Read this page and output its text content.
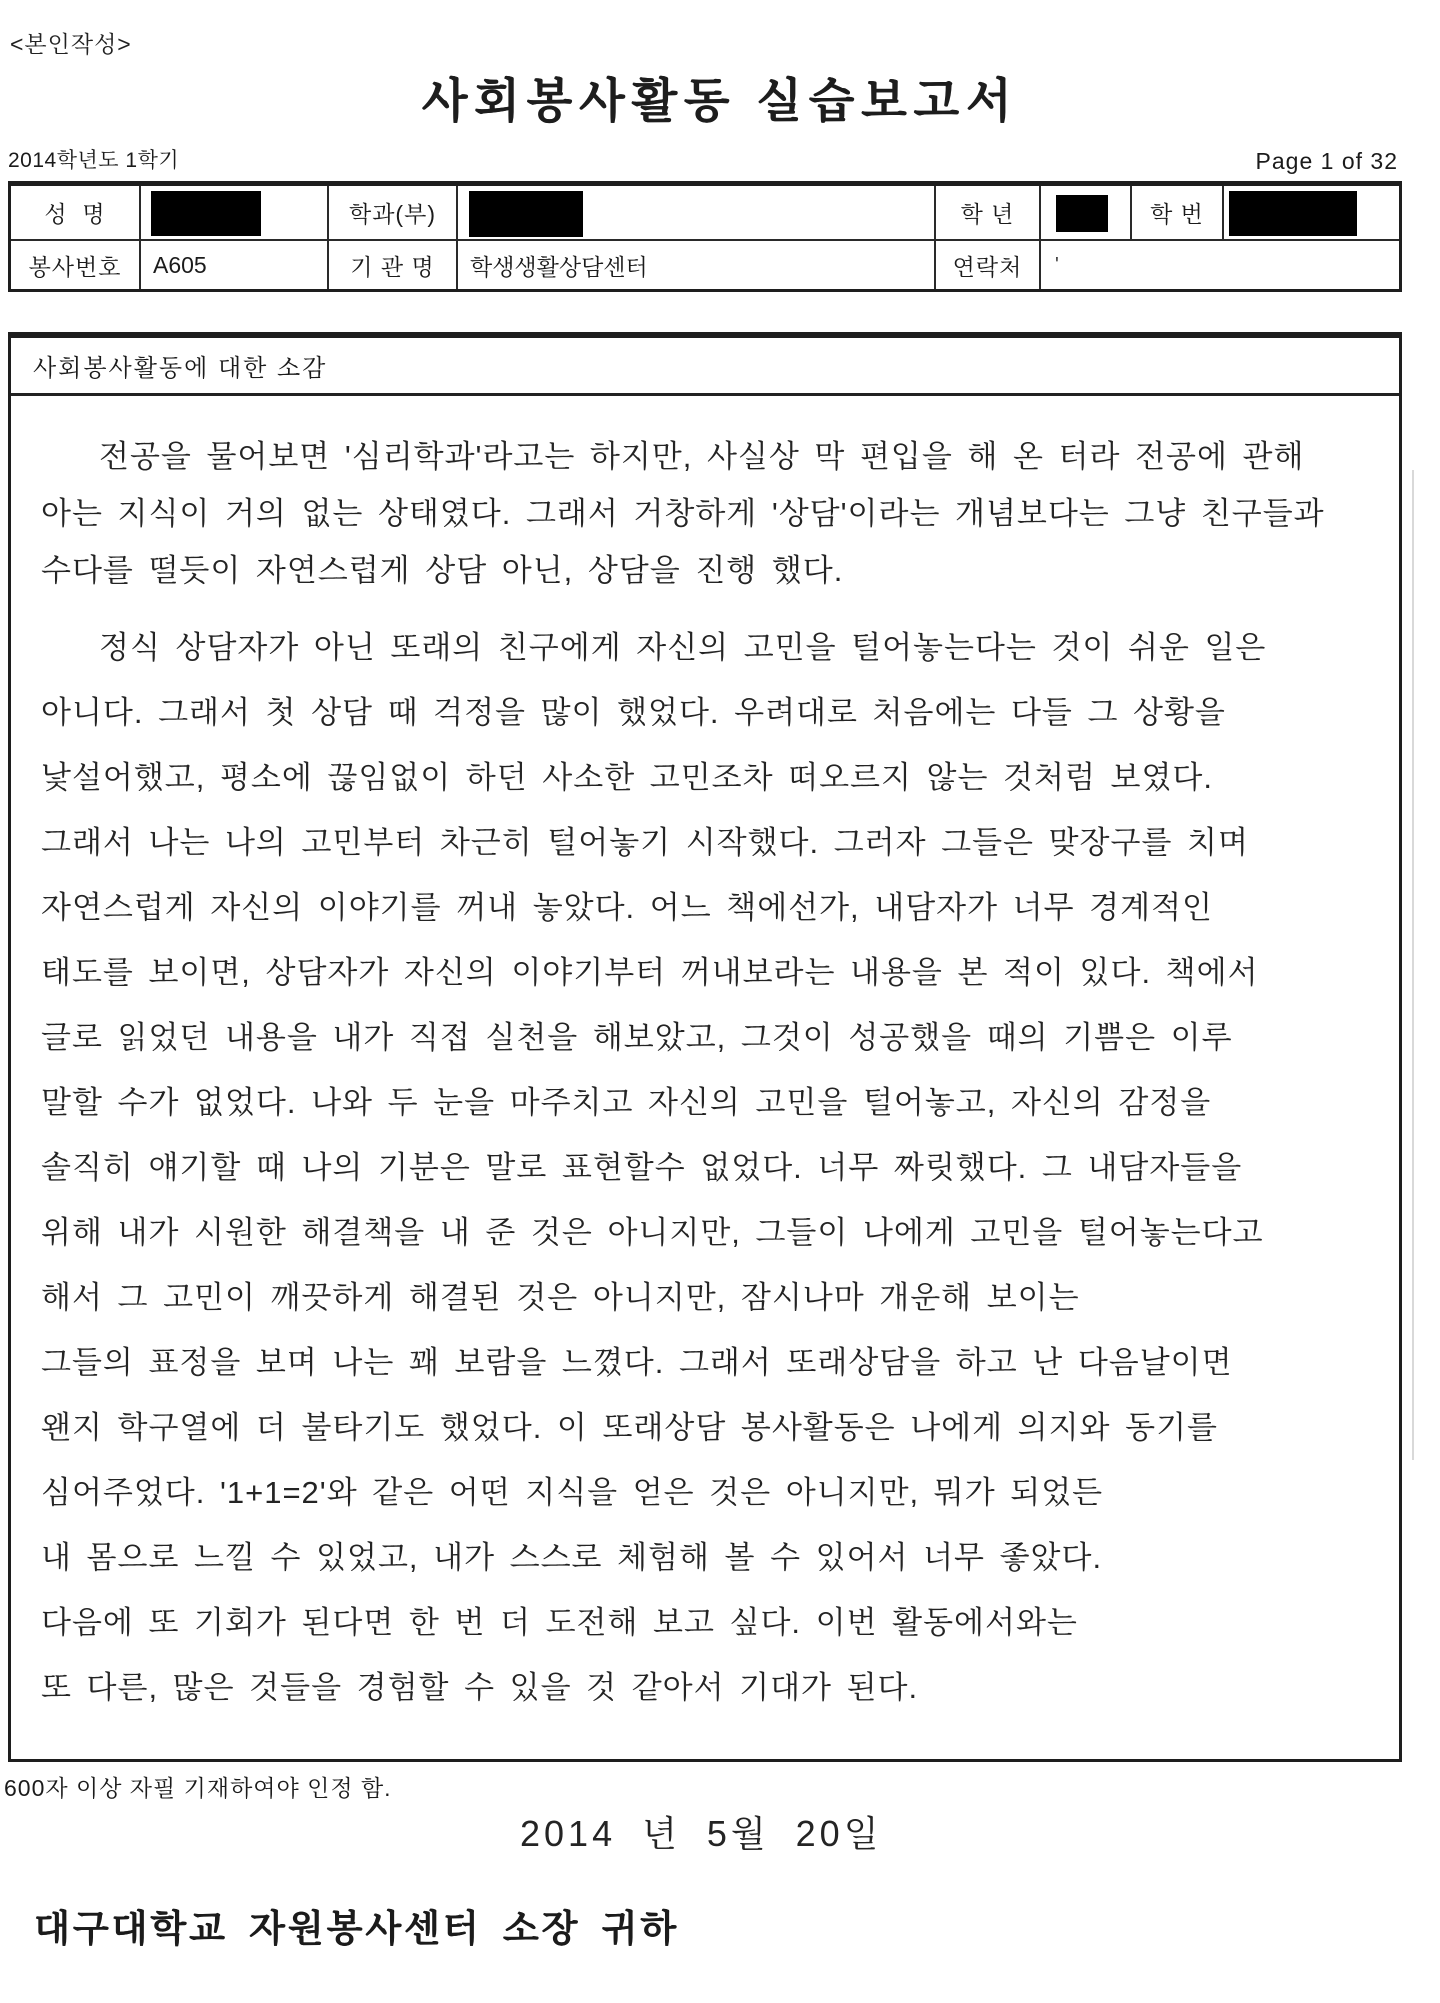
<본인작성>
사회봉사활동 실습보고서
2014학년도 1학기	Page 1 of 32
성  명	학과(부)	학 년	학 번
봉사번호	A605	기 관 명	학생생활상담센터	연락처	'
사회봉사활동에 대한 소감
전공을 물어보면 '심리학과'라고는 하지만, 사실상 막 편입을 해 온 터라 전공에 관해
아는 지식이 거의 없는 상태였다. 그래서 거창하게 '상담'이라는 개념보다는 그냥 친구들과
수다를 떨듯이 자연스럽게 상담 아닌, 상담을 진행 했다.
정식 상담자가 아닌 또래의 친구에게 자신의 고민을 털어놓는다는 것이 쉬운 일은
아니다. 그래서 첫 상담 때 걱정을 많이 했었다. 우려대로 처음에는 다들 그 상황을
낯설어했고, 평소에 끊임없이 하던 사소한 고민조차 떠오르지 않는 것처럼 보였다.
그래서 나는 나의 고민부터 차근히 털어놓기 시작했다. 그러자 그들은 맞장구를 치며
자연스럽게 자신의 이야기를 꺼내 놓았다. 어느 책에선가, 내담자가 너무 경계적인
태도를 보이면, 상담자가 자신의 이야기부터 꺼내보라는 내용을 본 적이 있다. 책에서
글로 읽었던 내용을 내가 직접 실천을 해보았고, 그것이 성공했을 때의 기쁨은 이루
말할 수가 없었다. 나와 두 눈을 마주치고 자신의 고민을 털어놓고, 자신의 감정을
솔직히 얘기할 때 나의 기분은 말로 표현할수 없었다. 너무 짜릿했다. 그 내담자들을
위해 내가 시원한 해결책을 내 준 것은 아니지만, 그들이 나에게 고민을 털어놓는다고
해서 그 고민이 깨끗하게 해결된 것은 아니지만, 잠시나마 개운해 보이는
그들의 표정을 보며 나는 꽤 보람을 느꼈다. 그래서 또래상담을 하고 난 다음날이면
왠지 학구열에 더 불타기도 했었다. 이 또래상담 봉사활동은 나에게 의지와 동기를
심어주었다. '1+1=2'와 같은 어떤 지식을 얻은 것은 아니지만, 뭐가 되었든
내 몸으로 느낄 수 있었고, 내가 스스로 체험해 볼 수 있어서 너무 좋았다.
다음에 또 기회가 된다면 한 번 더 도전해 보고 싶다. 이번 활동에서와는
또 다른, 많은 것들을 경험할 수 있을 것 같아서 기대가 된다.
600자 이상 자필 기재하여야 인정 함.
2014 년 5월 20일
대구대학교 자원봉사센터 소장 귀하
